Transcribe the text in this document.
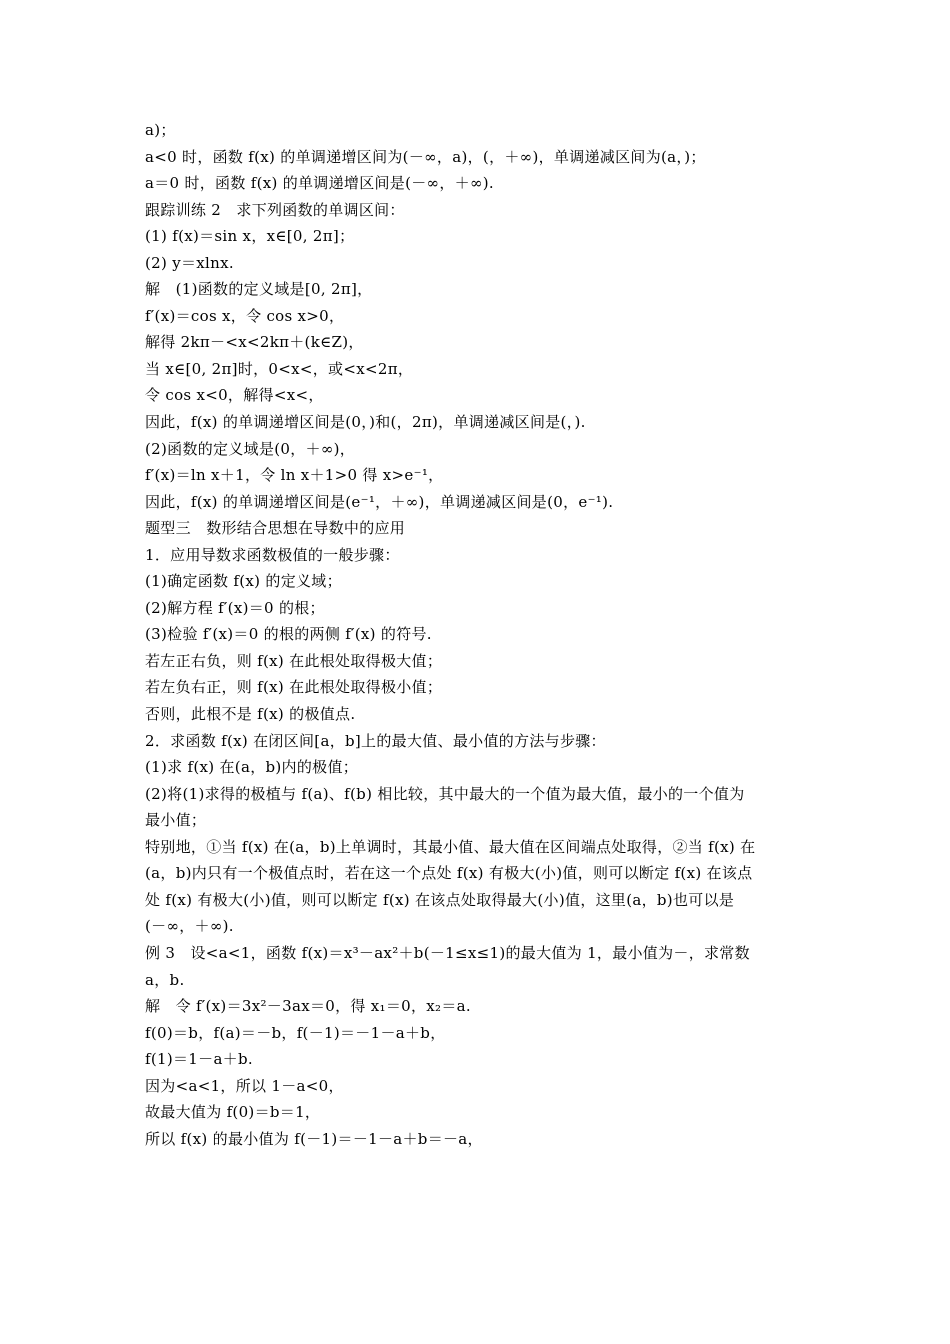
a)；
a<0 时，函数 f(x) 的单调递增区间为(－∞，a)，(，＋∞)，单调递减区间为(a，)；
a＝0 时，函数 f(x) 的单调递增区间是(－∞，＋∞).
跟踪训练 2　求下列函数的单调区间：
(1) f(x)＝sin x，x∈[0, 2π]；
(2) y＝xlnx.
解　(1)函数的定义域是[0, 2π]，
f′(x)＝cos x，令 cos x>0，
解得 2kπ－<x<2kπ＋(k∈Z)，
当 x∈[0, 2π]时，0<x<，或<x<2π，
令 cos x<0，解得<x<，
因此，f(x) 的单调递增区间是(0，)和(，2π)，单调递减区间是(，).
(2)函数的定义域是(0，＋∞)，
f′(x)＝ln x＋1，令 ln x＋1>0 得 x>e⁻¹，
因此，f(x) 的单调递增区间是(e⁻¹，＋∞)，单调递减区间是(0，e⁻¹).
题型三　数形结合思想在导数中的应用
1．应用导数求函数极值的一般步骤：
(1)确定函数 f(x) 的定义域；
(2)解方程 f′(x)＝0 的根；
(3)检验 f′(x)＝0 的根的两侧 f′(x) 的符号.
若左正右负，则 f(x) 在此根处取得极大值；
若左负右正，则 f(x) 在此根处取得极小值；
否则，此根不是 f(x) 的极值点.
2．求函数 f(x) 在闭区间[a，b]上的最大值、最小值的方法与步骤：
(1)求 f(x) 在(a，b)内的极值；
(2)将(1)求得的极植与 f(a)、f(b) 相比较，其中最大的一个值为最大值，最小的一个值为
最小值；
特别地，①当 f(x) 在(a，b)上单调时，其最小值、最大值在区间端点处取得，②当 f(x) 在
(a，b)内只有一个极值点时，若在这一个点处 f(x) 有极大(小)值，则可以断定 f(x) 在该点
处 f(x) 有极大(小)值，则可以断定 f(x) 在该点处取得最大(小)值，这里(a，b)也可以是
(－∞，＋∞).
例 3　设<a<1，函数 f(x)＝x³－ax²＋b(－1≤x≤1)的最大值为 1，最小值为－，求常数
a，b.
解　令 f′(x)＝3x²－3ax＝0，得 x₁＝0，x₂＝a.
f(0)＝b，f(a)＝－b，f(－1)＝－1－a＋b，
f(1)＝1－a＋b.
因为<a<1，所以 1－a<0，
故最大值为 f(0)＝b＝1，
所以 f(x) 的最小值为 f(－1)＝－1－a＋b＝－a，
